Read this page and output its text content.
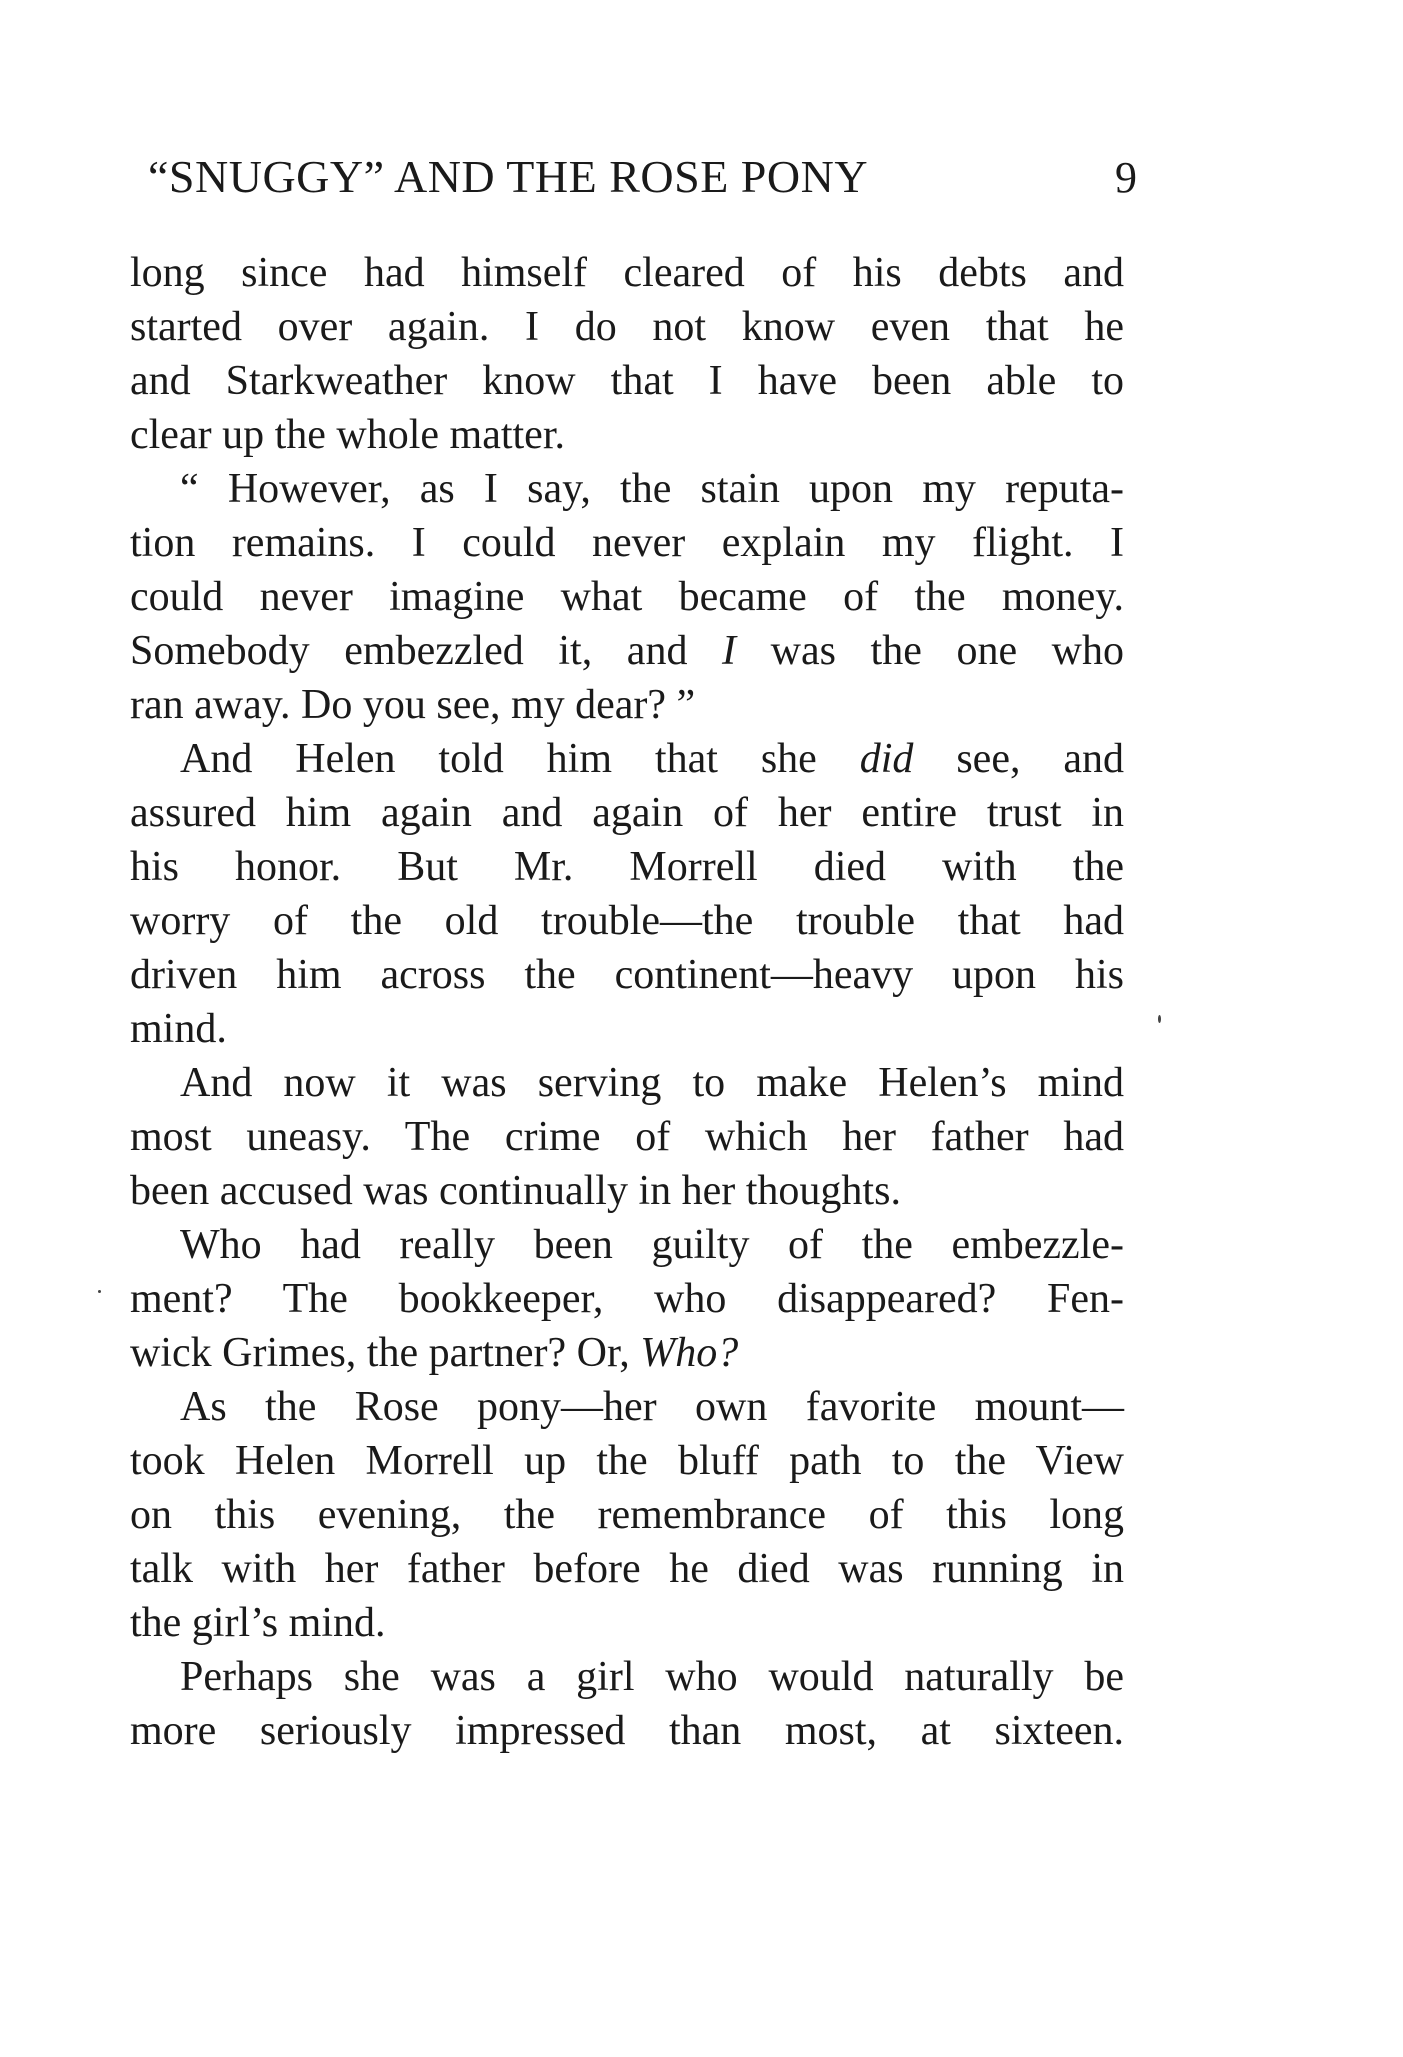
“SNUGGY” AND THE ROSE PONY	9
long since had himself cleared of his debts and
started over again. I do not know even that he
and Starkweather know that I have been able to
clear up the whole matter.
“ However, as I say, the stain upon my reputa-
tion remains. I could never explain my flight. I
could never imagine what became of the money.
Somebody embezzled it, and I was the one who
ran away. Do you see, my dear? ”
And Helen told him that she did see, and
assured him again and again of her entire trust in
his honor. But Mr. Morrell died with the
worry of the old trouble—the trouble that had
driven him across the continent—heavy upon his
mind.
And now it was serving to make Helen’s mind
most uneasy. The crime of which her father had
been accused was continually in her thoughts.
Who had really been guilty of the embezzle-
ment? The bookkeeper, who disappeared? Fen-
wick Grimes, the partner? Or, Who?
As the Rose pony—her own favorite mount—
took Helen Morrell up the bluff path to the View
on this evening, the remembrance of this long
talk with her father before he died was running in
the girl’s mind.
Perhaps she was a girl who would naturally be
more seriously impressed than most, at sixteen.
